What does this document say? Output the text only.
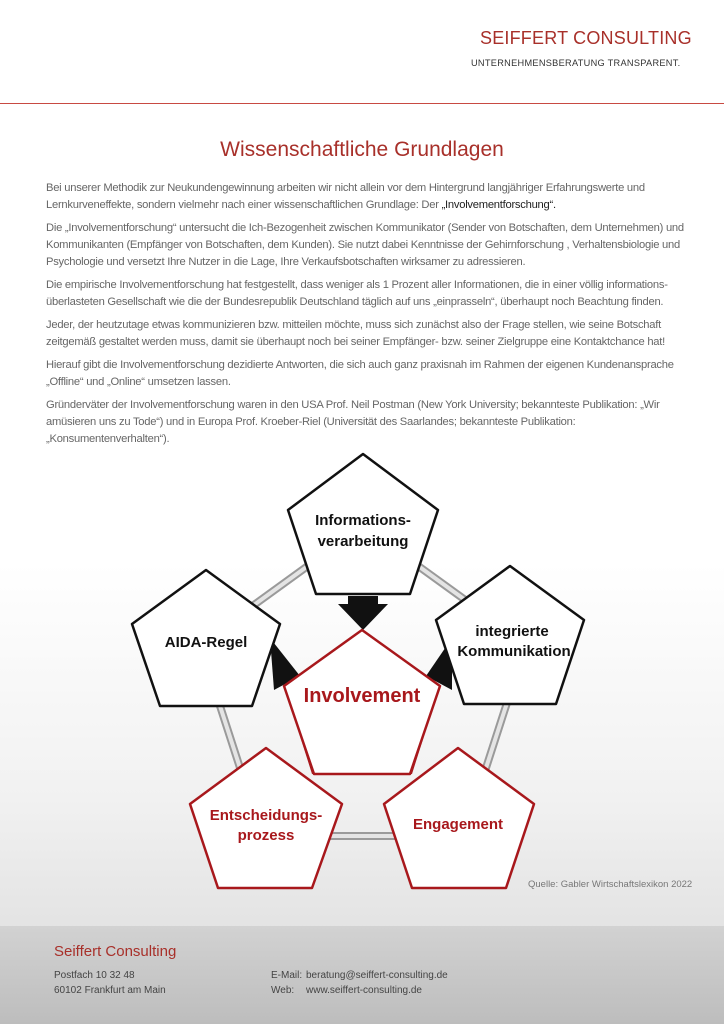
SEIFFERT CONSULTING
UNTERNEHMENSBERATUNG TRANSPARENT.
Wissenschaftliche Grundlagen

Bei unserer Methodik zur Neukundengewinnung arbeiten wir nicht allein vor dem Hintergrund langjähriger Erfahrungswerte und Lernkurveneffekte, sondern vielmehr nach einer wissenschaftlichen Grundlage: Der „Involvementforschung“.

Die „Involvementforschung“ untersucht die Ich-Bezogenheit zwischen Kommunikator (Sender von Botschaften, dem Unternehmen) und Kommunikanten (Empfänger von Botschaften, dem Kunden). Sie nutzt dabei Kenntnisse der Gehirnforschung , Verhaltensbiologie und Psychologie und versetzt Ihre Nutzer in die Lage, Ihre Verkaufsbotschaften wirksamer zu adressieren.

Die empirische Involvementforschung hat festgestellt, dass weniger als 1 Prozent aller Informationen, die in einer völlig informations-überlasteten Gesellschaft wie die der Bundesrepublik Deutschland täglich auf uns „einprasseln“, überhaupt noch Beachtung finden.

Jeder, der heutzutage etwas kommunizieren bzw. mitteilen möchte, muss sich zunächst also der Frage stellen, wie seine Botschaft zeitgemäß gestaltet werden muss, damit sie überhaupt noch bei seiner Empfänger- bzw. seiner Zielgruppe eine Kontaktchance hat!

Hierauf gibt die Involvementforschung dezidierte Antworten, die sich auch ganz praxisnah im Rahmen der eigenen Kundenansprache „Offline“ und „Online“ umsetzen lassen.

Gründerväter der Involvementforschung waren in den USA Prof. Neil Postman (New York University; bekannteste Publikation: „Wir amüsieren uns zu Tode“) und in Europa Prof. Kroeber-Riel (Universität des Saarlandes; bekannteste Publikation: „Konsumentenverhalten“).

Informations-
verarbeitung
AIDA-Regel
integrierte
Kommunikation
Involvement
Entscheidungs-
prozess
Engagement
Quelle: Gabler Wirtschaftslexikon 2022
Seiffert Consulting
Postfach 10 32 48
60102 Frankfurt am Main
E-Mail: beratung@seiffert-consulting.de
Web: www.seiffert-consulting.de
